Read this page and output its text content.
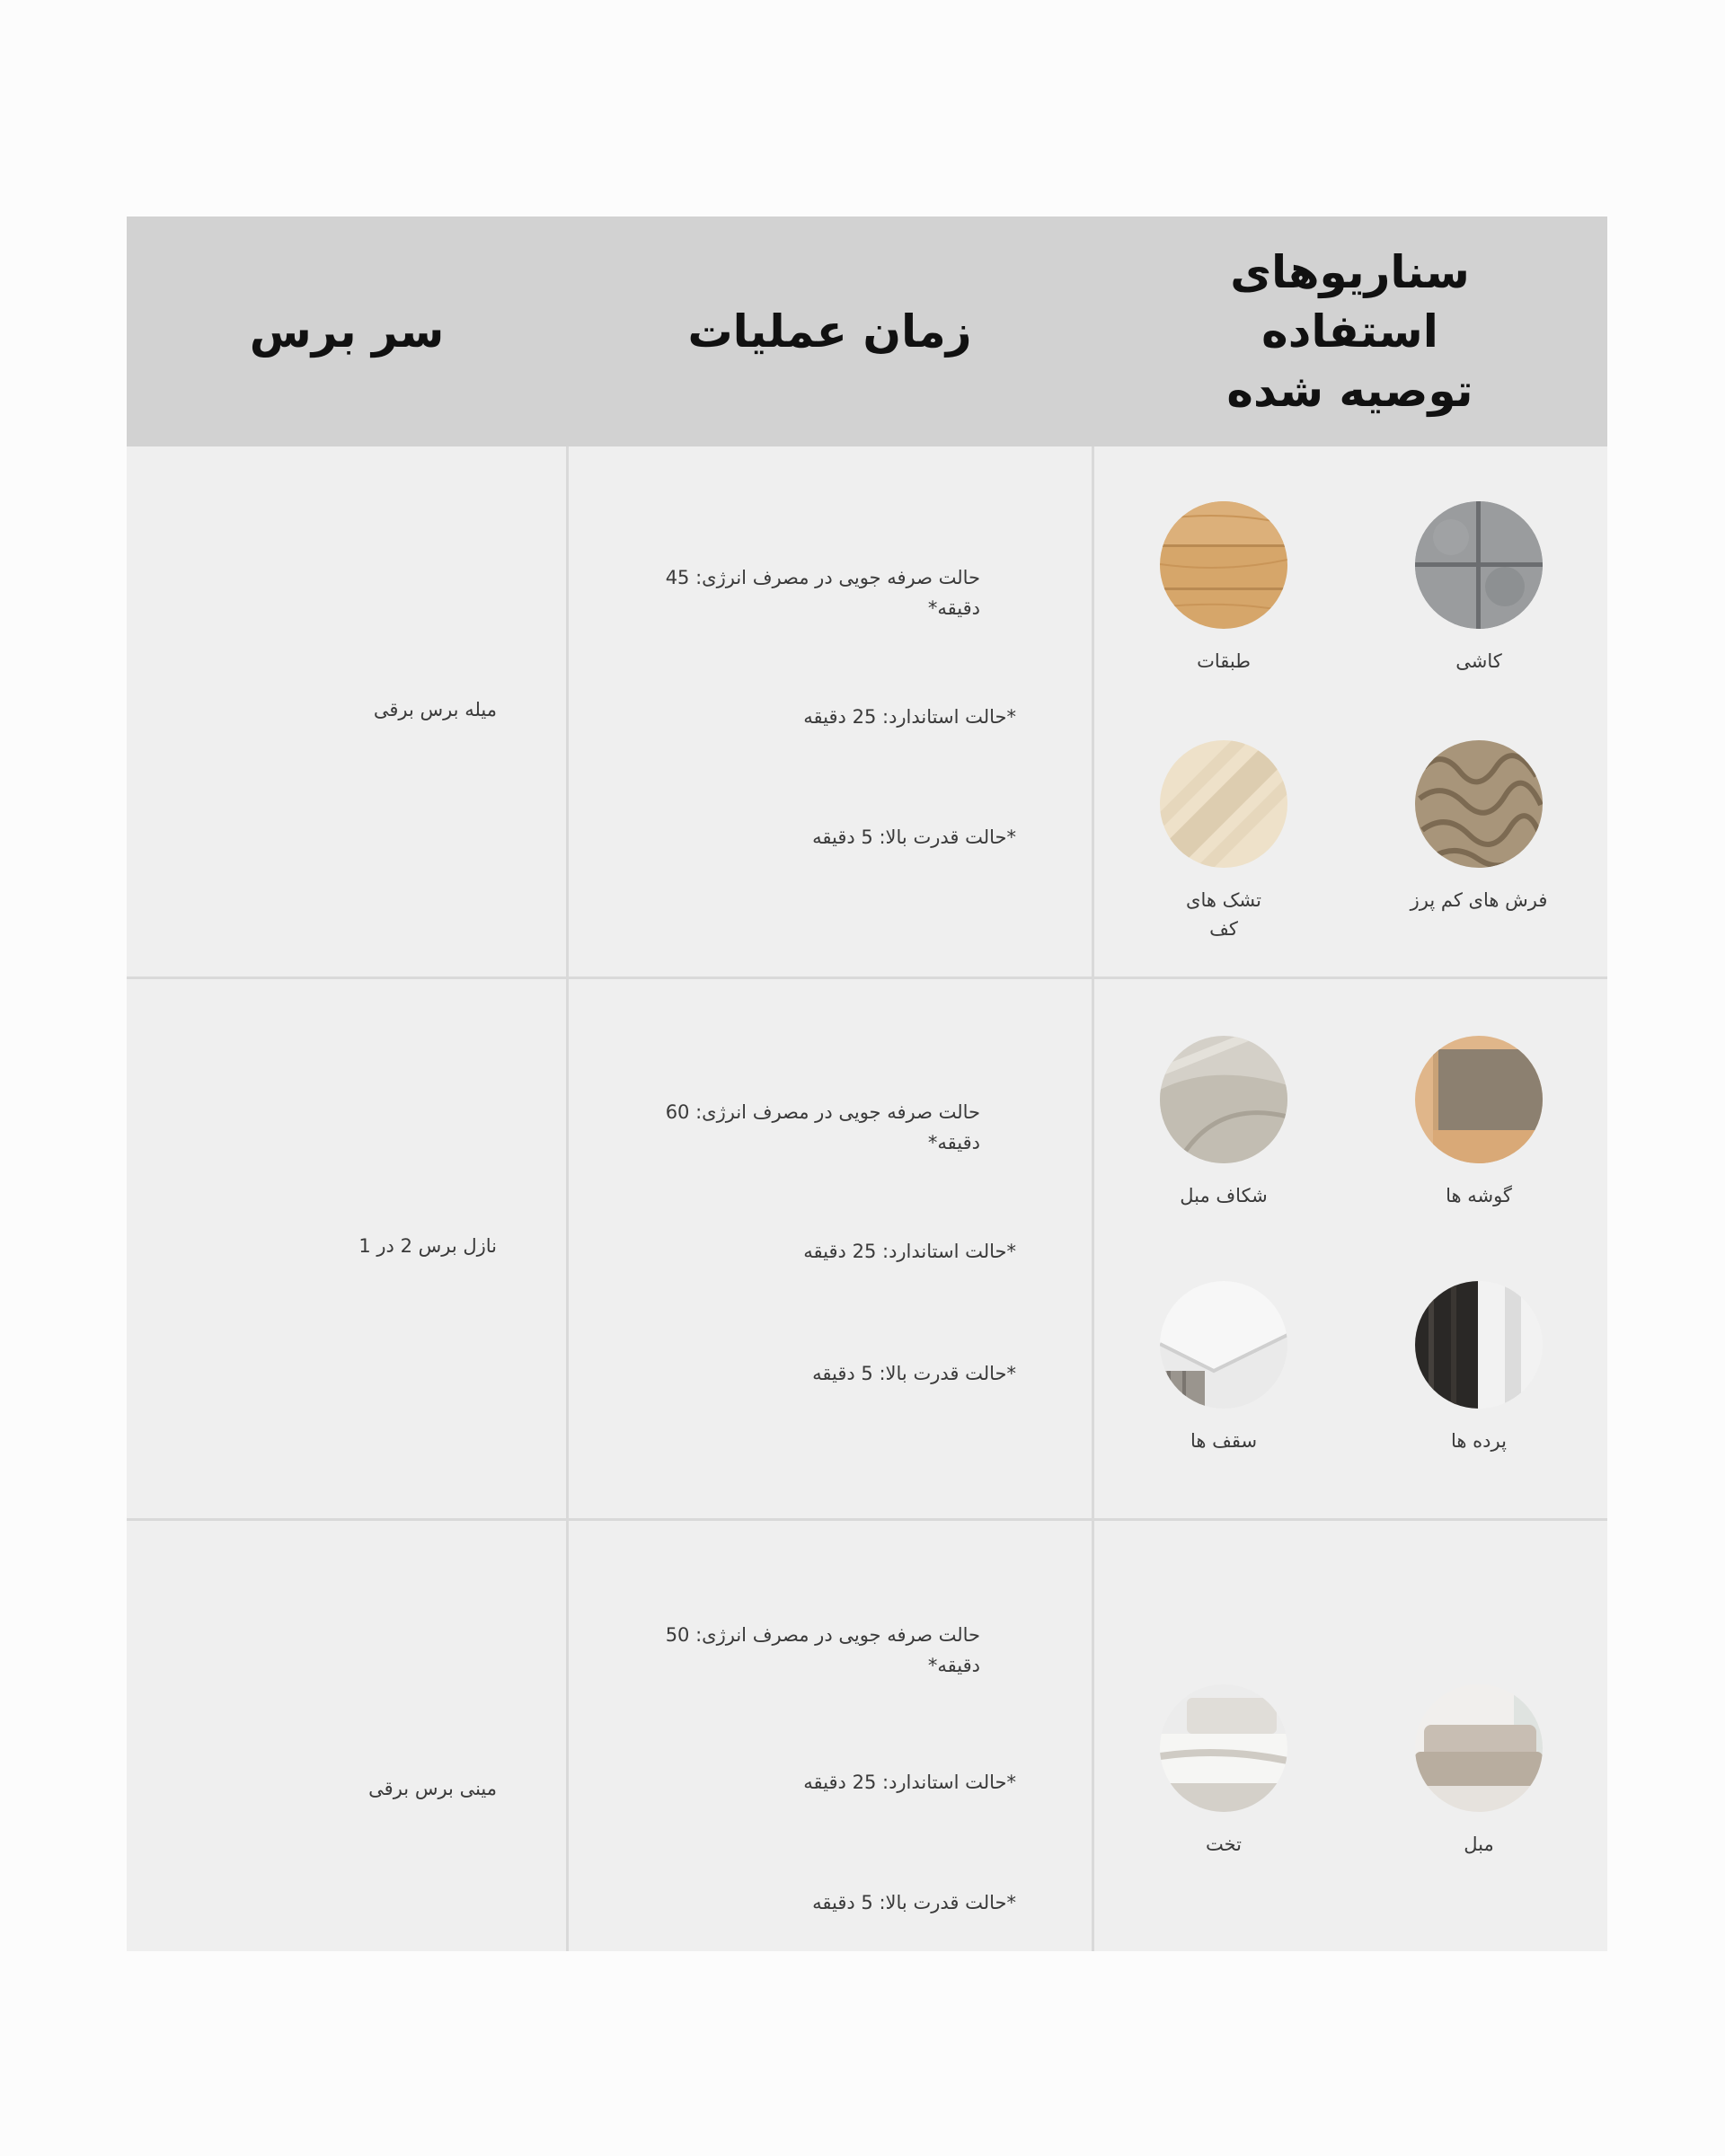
سر برس	زمان عملیات
سناریوهای استفاده توصیه شده
میله برس برقی
حالت صرفه جویی در مصرف انرژی: 45 دقیقه*
*حالت استاندارد: 25 دقیقه
*حالت قدرت بالا: 5 دقیقه
کاشی
طبقات
فرش های کم پرز
تشک های کف
نازل برس 2 در 1
حالت صرفه جویی در مصرف انرژی: 60 دقیقه*
*حالت استاندارد: 25 دقیقه
*حالت قدرت بالا: 5 دقیقه
گوشه ها
شکاف مبل
پرده ها
سقف ها
مینی برس برقی
حالت صرفه جویی در مصرف انرژی: 50 دقیقه*
*حالت استاندارد: 25 دقیقه
*حالت قدرت بالا: 5 دقیقه
مبل
تخت
